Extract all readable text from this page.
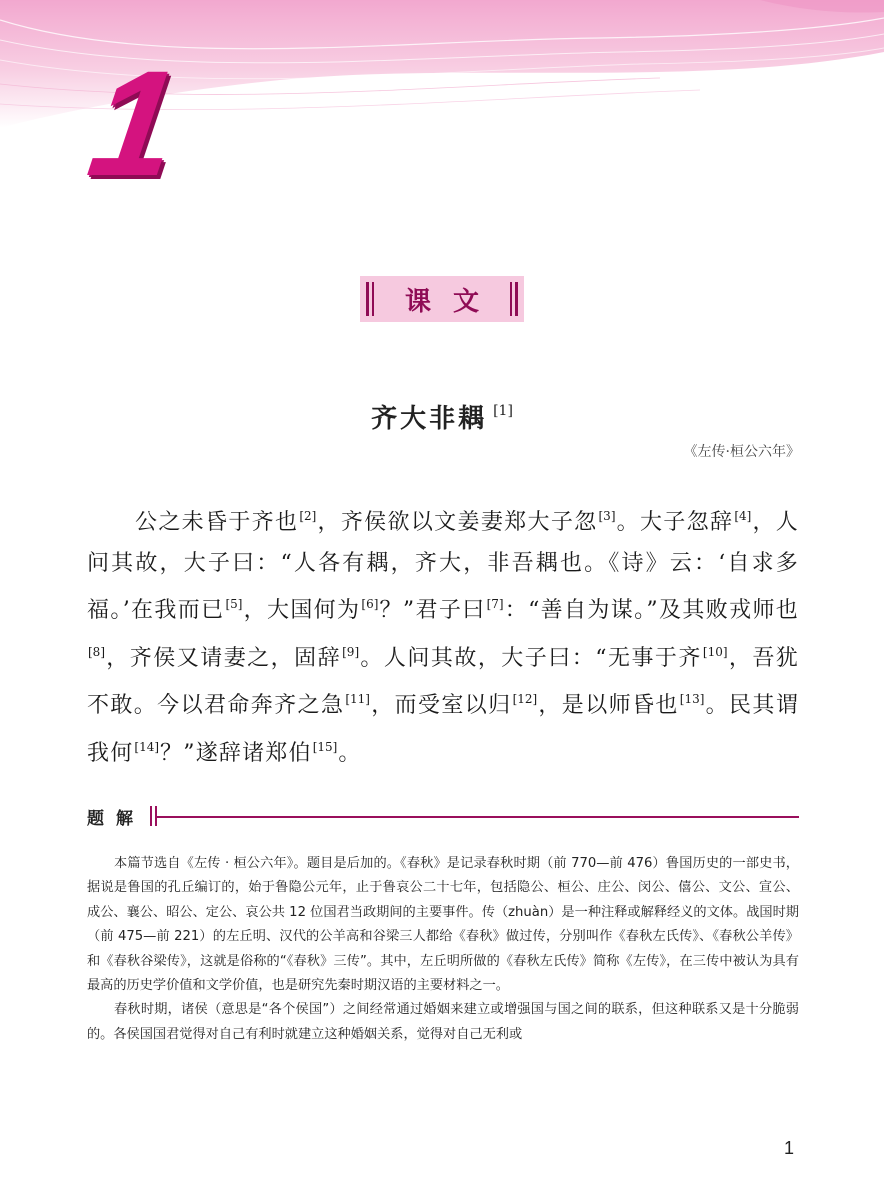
1
课文
齐大非耦 [1]
《左传·桓公六年》

公之未昏于齐也[2]，齐侯欲以文姜妻郑大子忽[3]。大子忽辞[4]，人问其故，大子曰：“人各有耦，齐大，非吾耦也。《诗》云：‘自求多福。’在我而已[5]，大国何为[6]？”君子曰[7]：“善自为谋。”及其败戎师也[8]，齐侯又请妻之，固辞[9]。人问其故，大子曰：“无事于齐[10]，吾犹不敢。今以君命奔齐之急[11]，而受室以归[12]，是以师昏也[13]。民其谓我何[14]？”遂辞诸郑伯[15]。

题解

本篇节选自《左传 · 桓公六年》。题目是后加的。《春秋》是记录春秋时期（前 770—前 476）鲁国历史的一部史书，据说是鲁国的孔丘编订的，始于鲁隐公元年，止于鲁哀公二十七年，包括隐公、桓公、庄公、闵公、僖公、文公、宣公、成公、襄公、昭公、定公、哀公共 12 位国君当政期间的主要事件。传（zhuàn）是一种注释或解释经义的文体。战国时期（前 475—前 221）的左丘明、汉代的公羊高和谷梁三人都给《春秋》做过传，分别叫作《春秋左氏传》、《春秋公羊传》和《春秋谷梁传》，这就是俗称的“《春秋》三传”。其中，左丘明所做的《春秋左氏传》简称《左传》，在三传中被认为具有最高的历史学价值和文学价值，也是研究先秦时期汉语的主要材料之一。

春秋时期，诸侯（意思是“各个侯国”）之间经常通过婚姻来建立或增强国与国之间的联系，但这种联系又是十分脆弱的。各侯国国君觉得对自己有利时就建立这种婚姻关系，觉得对自己无利或

1
